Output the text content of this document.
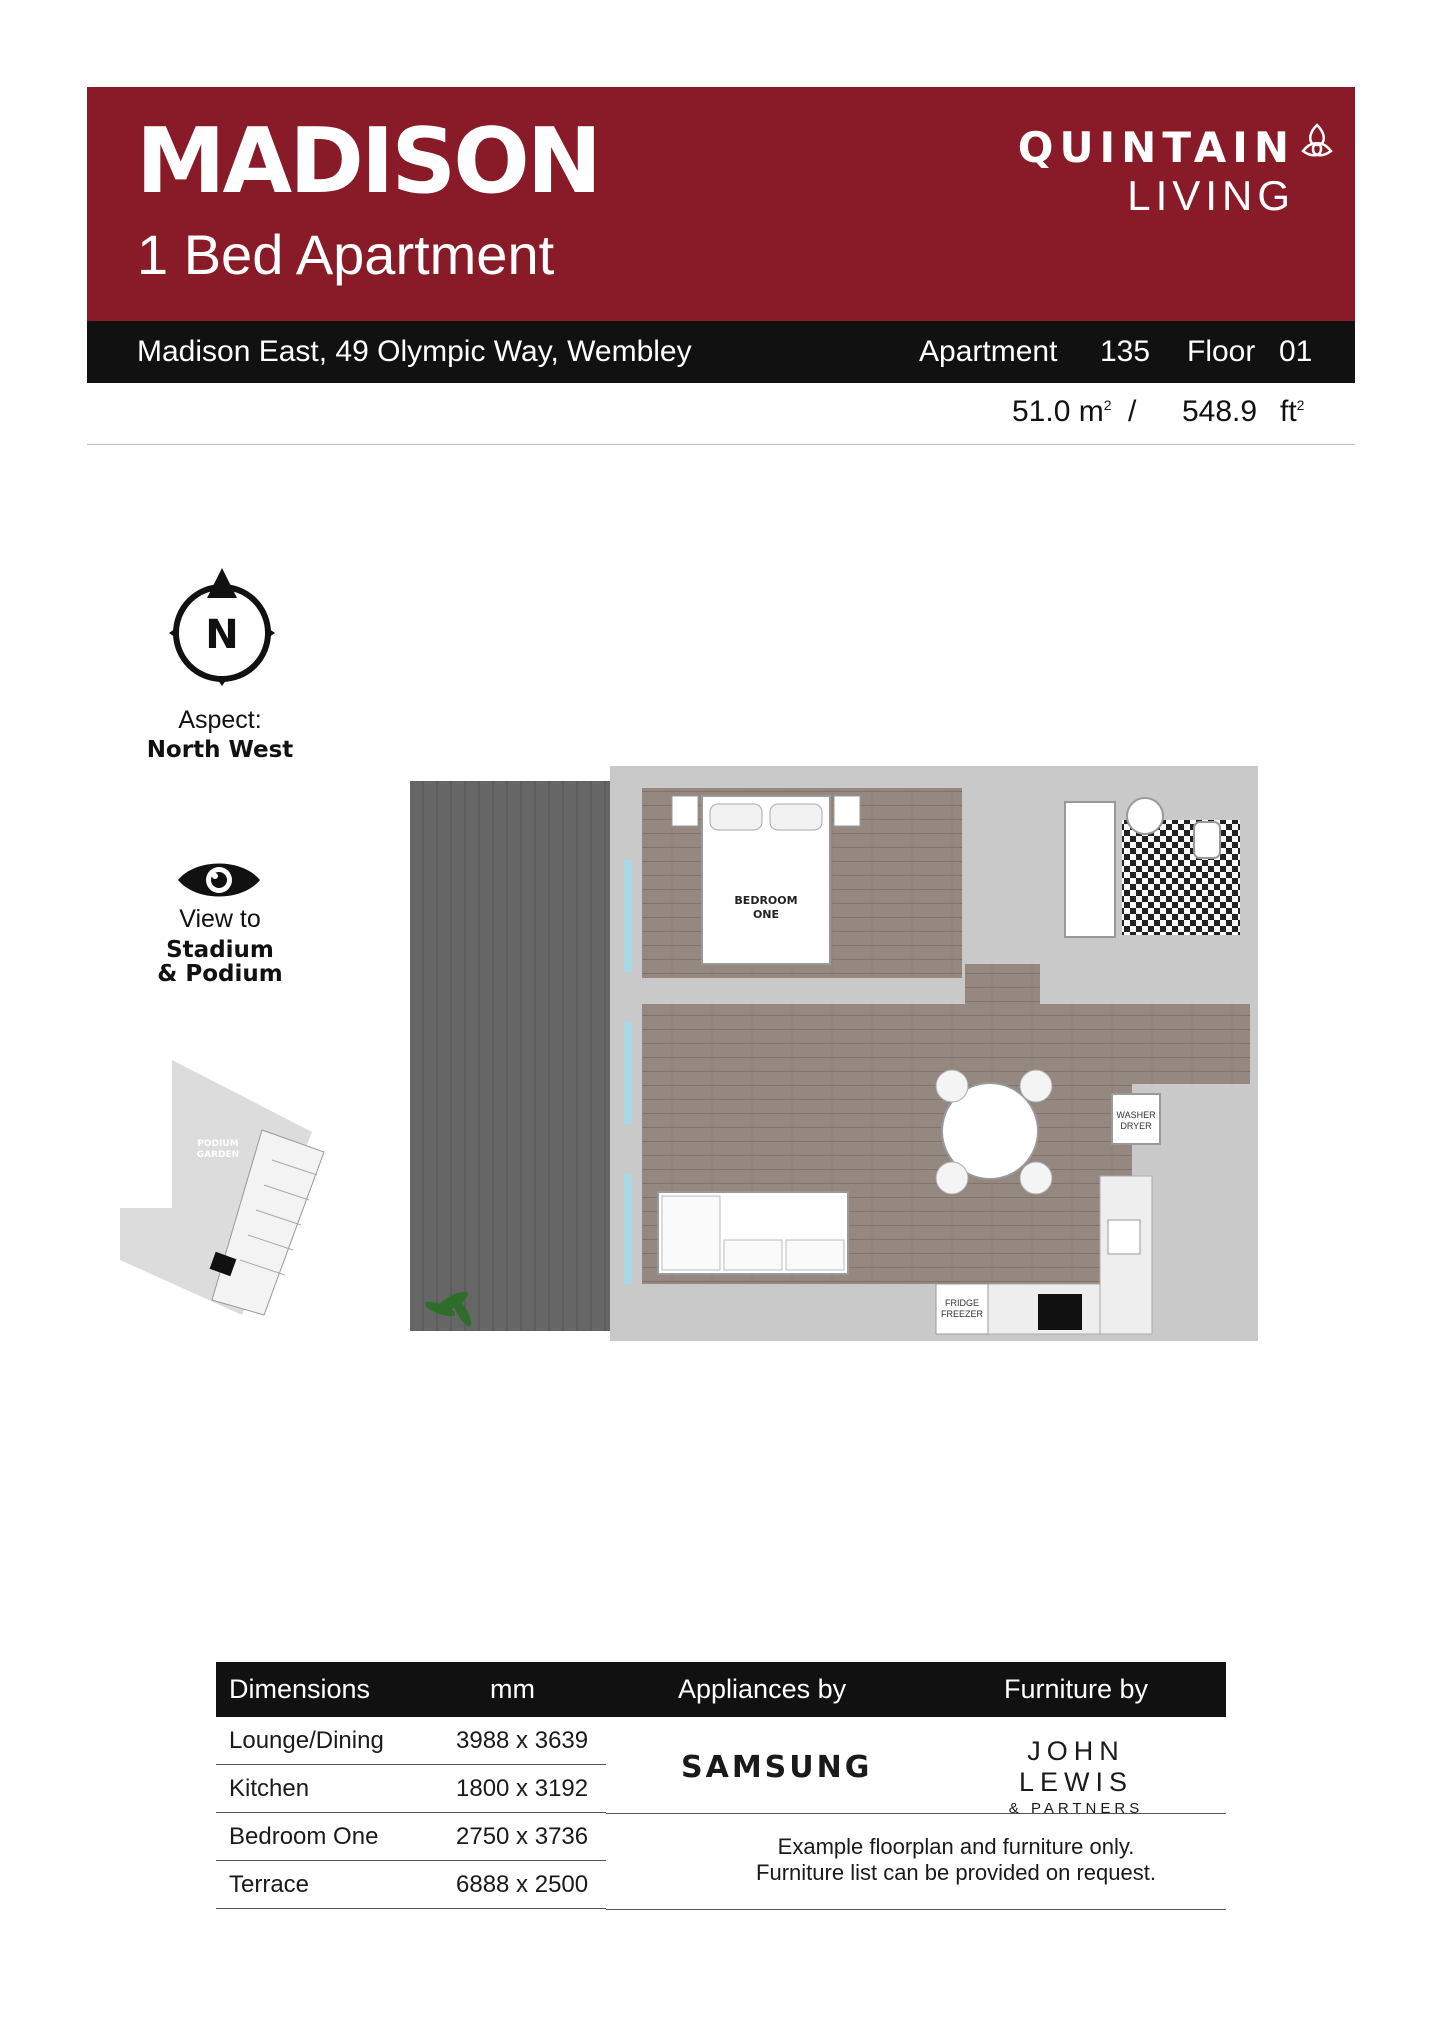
MADISON
1 Bed Apartment
QUINTAIN
LIVING
Madison East, 49 Olympic Way, Wembley	Apartment 135 Floor 01
51.0 $m^2 / 548.9$ $ft^2$
N
Aspect:
North West
View to
Stadium
& Podium
PODIUM
GARDEN
BEDROOM
ONE
FRIDGE
FREEZER
WASHER
DRYER
Dimensions	mm	Appliances by	Furniture by
Lounge/Dining	3988 x 3639
Kitchen	1800 x 3192
Bedroom One	2750 x 3736
Terrace	6888 x 2500
SAMSUNG	JOHN LEWIS
& PARTNERS
Example floorplan and furniture only.
Furniture list can be provided on request.
